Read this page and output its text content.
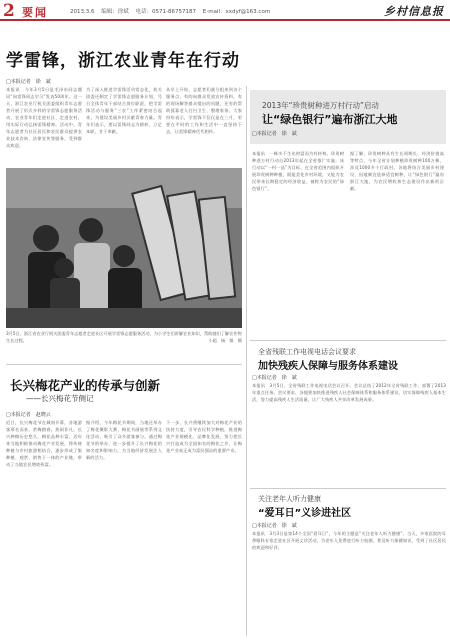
2 要闻	2013.3.6 编辑：徐斌 电话：0571-86757187 E-mail：xxdyf@163.com	乡村信息报
学雷锋，浙江农业青年在行动
□本报记者　徐　斌
本报讯　今年3月5日是毛泽东同志题词“向雷锋同志学习”发表50周年。这一天，浙江农业厅机关团委组织青年志愿者开展了形式多样的学雷锋志愿服务活动，农业青年们走进社区、走进农村，用实际行动弘扬雷锋精神。活动中，青年志愿者为社区居民和农民群众提供农业技术咨询、法律宣传等服务，受到群众欢迎。
为了深入推进学雷锋活动常态化，机关团委还制定了学雷锋志愿服务计划，号召全体青年干部结合岗位职责，把学雷锋活动与服务“三农”工作紧密结合起来，为建设美丽乡村贡献青春力量。青年们表示，要以雷锋同志为榜样，立足本职，甘于奉献。
从早上开始，志愿者们就分组来到各个服务点，有的向群众发放宣传资料，有的现场解答群众提出的问题，还有的帮助孤寡老人打扫卫生、整理家务。大家纷纷表示，学雷锋不仅仅是在三月，更要在平时的工作和生活中一直坚持下去，让雷锋精神代代相传。
3月5日，浙江省农业厅机关团委青年志愿者走进社区开展学雷锋志愿服务活动，为小学生们讲解农业知识，帮助她们了解农作物生长过程。	小超　杨　敏　摄
长兴梅花产业的传承与创新
——长兴梅花节侧记
□本报记者　赵晓云
近日，长兴梅花节在城南开幕，各地游客慕名而来，赏梅踏春，热闹非凡。长兴种梅历史悠久，梅花品种丰富，近年来当地积极推动梅花产业发展，将传统种植与乡村旅游相结合，逐步形成了集种植、观赏、销售于一体的产业链，带动了当地农民增收致富。
据介绍，今年梅花节期间，当地还举办了梅花摄影大赛、梅花书画展等系列文化活动，吸引了众多游客参与。通过梅花节的举办，进一步提升了长兴梅花的知名度和影响力，为当地经济发展注入新的活力。
下一步，长兴将继续加大对梅花产业的扶持力度，引导农民科学种植，推进梅花产业规模化、品牌化发展，努力把长兴打造成为全国知名的梅花之乡，让梅花产业真正成为富民强县的重要产业。
2013年“珍贵树种进万村行动”启动
让“绿色银行”遍布浙江大地
□本报记者　徐　斌
本报讯　一株多不生出财富而为有材林。珍贵树种进万村行动自2013年起在全省推广实施。该行动以“一村一品”为目标，在全省范围内组织开展珍贵树种种植，既能美化乡村环境，又能为农民带来长期稳定的经济收益，被称为农民的“绿色银行”。
据了解，珍贵树种具有生长周期长、经济价值高等特点，今年全省计划种植珍贵树种100万株，涉及1000多个行政村。各地将结合美丽乡村建设，因地制宜选择适宜树种，让“绿色银行”遍布浙江大地，为农民增收和生态建设作出新的贡献。
全省残联工作电视电话会议要求
加快残疾人保障与服务体系建设
□本报记者　徐　斌
本报讯　3月5日，全省残联工作电视电话会议召开。会议总结了2012年全省残联工作，部署了2013年重点任务。会议要求，各地要加快推进残疾人社会保障体系和服务体系建设，切实保障残疾人基本生活，努力提高残疾人生活质量，让广大残疾人共享改革发展成果。
关注老年人听力健康
“爱耳日”义诊进社区
□本报记者　徐　斌
本报讯　3月3日是第14个全国“爱耳日”，今年的主题是“关注老年人听力健康”。当天，多家医院的耳鼻喉科专家走进社区开展义诊活动，为老年人免费进行听力检测，普及听力保健知识，受到了社区居民的欢迎和好评。
